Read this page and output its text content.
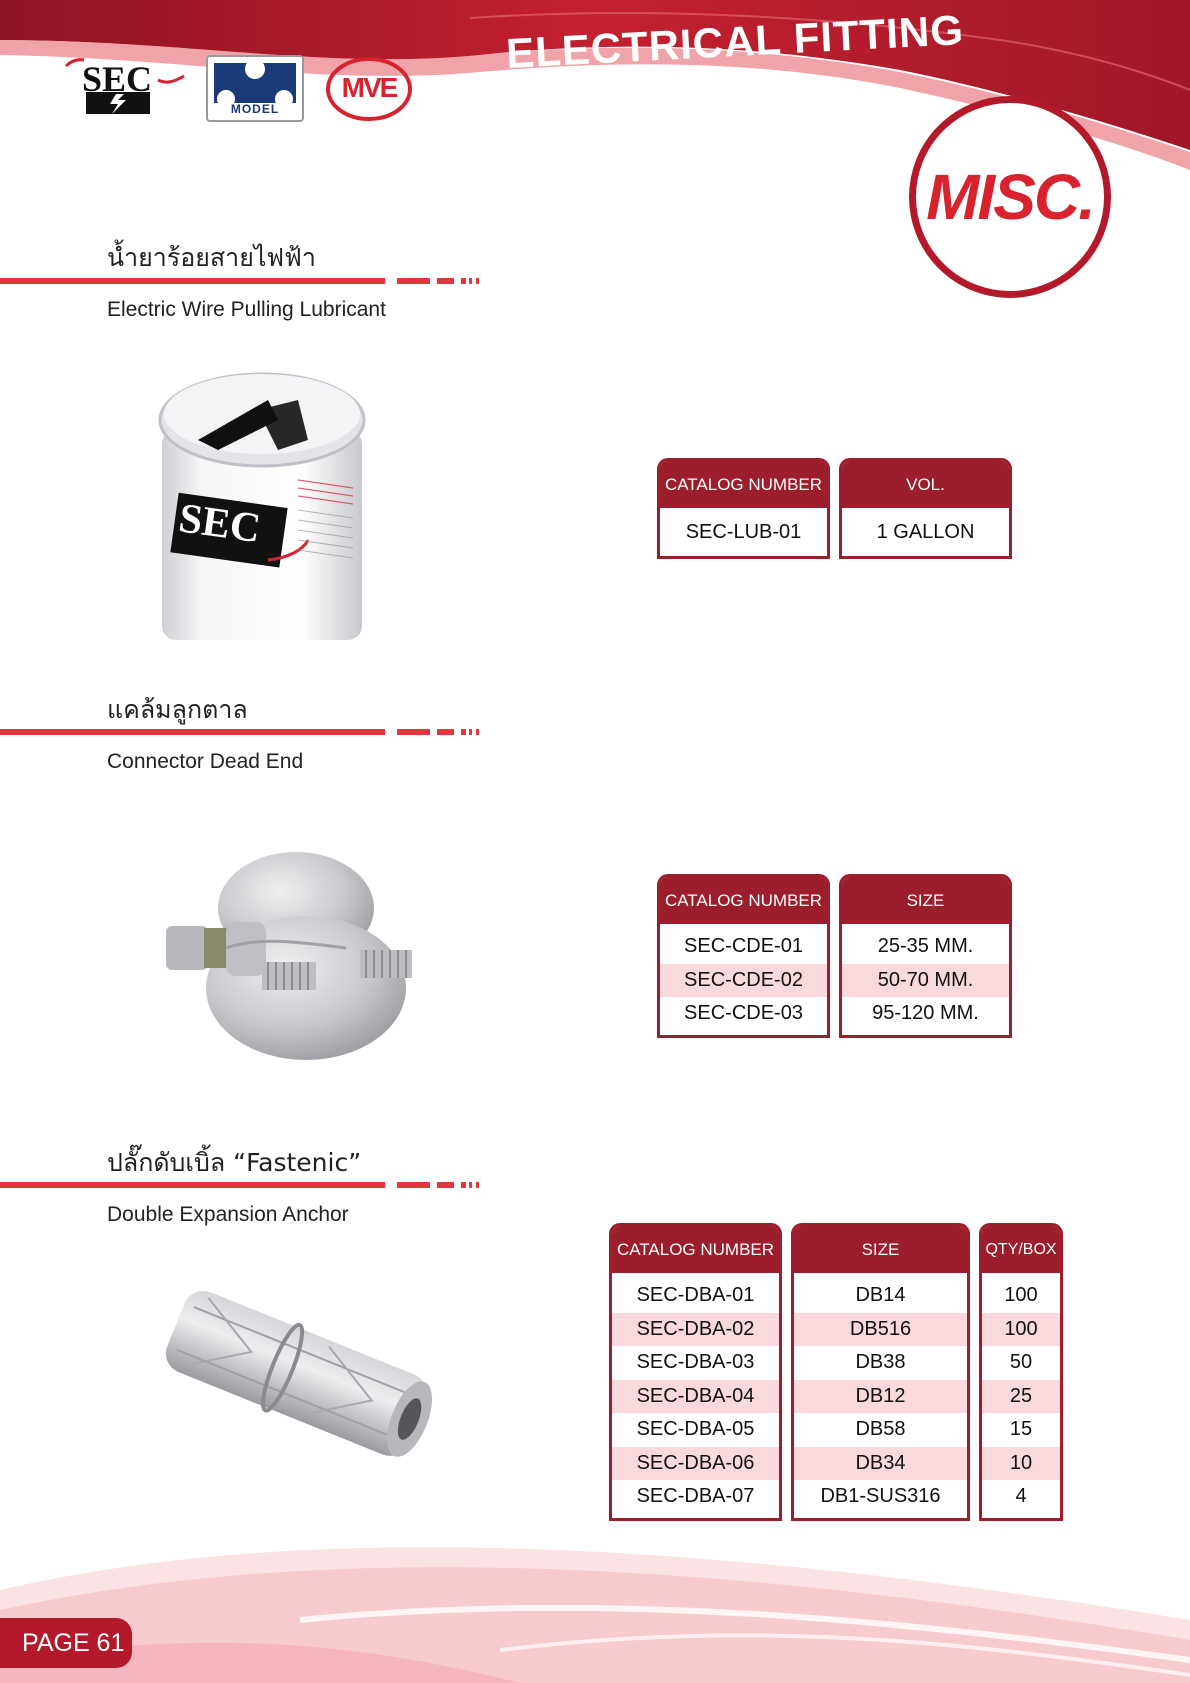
ELECTRICAL FITTING
MISC.
SEC
MODEL
MVE
น้ำยาร้อยสายไฟฟ้า
Electric Wire Pulling Lubricant
SEC
CATALOG NUMBER
SEC-LUB-01
VOL.
1 GALLON
แคล้มลูกตาล
Connector Dead End
CATALOG NUMBER
SEC-CDE-01
SEC-CDE-02
SEC-CDE-03
SIZE
25-35 MM.
50-70 MM.
95-120 MM.
ปลั๊กดับเบิ้ล “Fastenic”
Double Expansion Anchor
CATALOG NUMBER
SEC-DBA-01
SEC-DBA-02
SEC-DBA-03
SEC-DBA-04
SEC-DBA-05
SEC-DBA-06
SEC-DBA-07
SIZE
DB14
DB516
DB38
DB12
DB58
DB34
DB1-SUS316
QTY/BOX
100
100
50
25
15
10
4
PAGE 61
